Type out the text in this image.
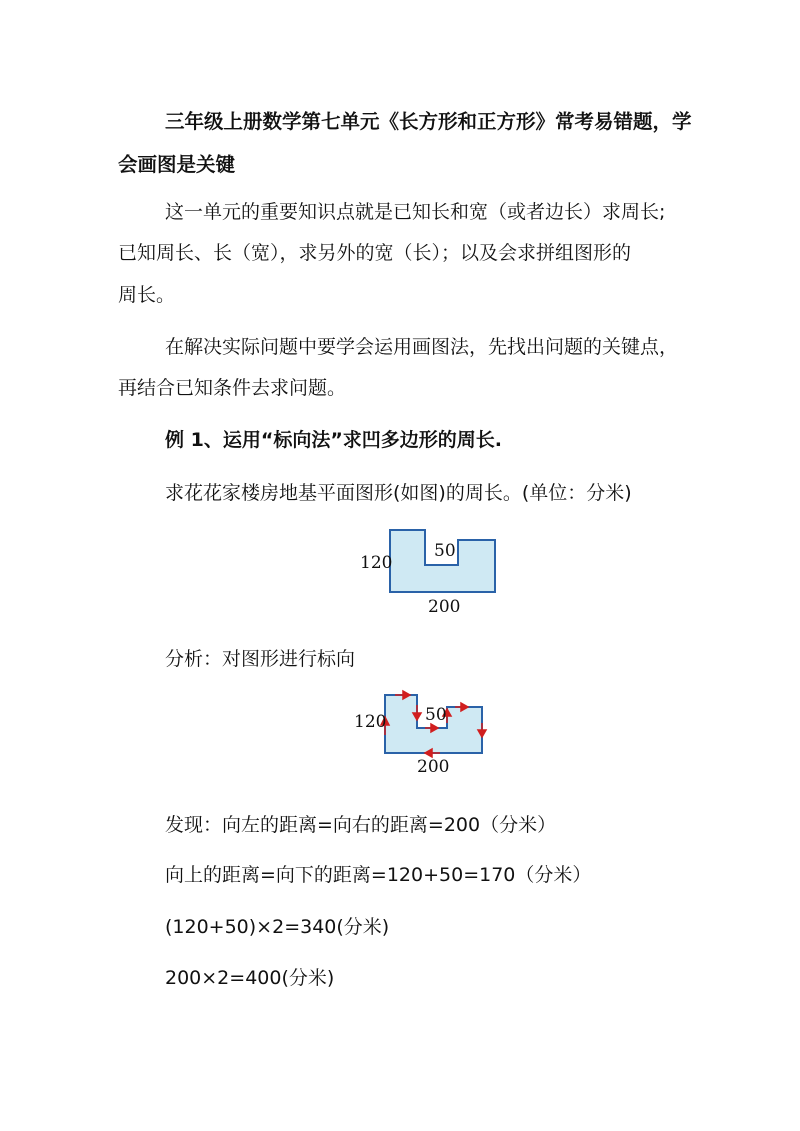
三年级上册数学第七单元《长方形和正方形》常考易错题，学
会画图是关键
这一单元的重要知识点就是已知长和宽（或者边长）求周长;
已知周长、长（宽），求另外的宽（长）；以及会求拼组图形的
周长。
在解决实际问题中要学会运用画图法，先找出问题的关键点，
再结合已知条件去求问题。
例 1、运用“标向法”求凹多边形的周长.
求花花家楼房地基平面图形(如图)的周长。(单位：分米)
120
50
200
分析：对图形进行标向
120 50
200
发现：向左的距离=向右的距离=200（分米）
向上的距离=向下的距离=120+50=170（分米）
(120+50)×2=340(分米)
200×2=400(分米)
